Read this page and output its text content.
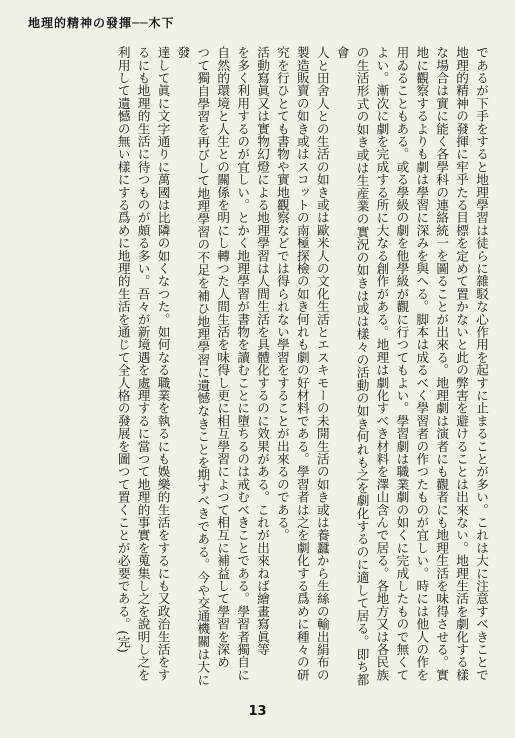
地理的精神の發揮──木下

であるが下手をすると地理學習は徒らに雜駁な心作用を起すに止まることが多い。これは大に注意すべきことで
地理的精神の發揮に牢乎たる目標を定めて置かないと此の弊害を避けることは出來ない。地理生活を劇化する樣
な場合は實に能く各學科の連絡統一を圖ることが出來る。地理劇は演者にも觀者にも地理生活を味得させる。實
地に觀察するよりも劇は學習に深みを與へる。脚本は成るべく學習者の作つたものが宜しい。時には他人の作を
用ゐることもある。或る學級の劇を他學級が觀に行つてもよい。學習劇は職業劇の如くに完成したもので無くて
よい。漸次に劇を完成する所に大なる創作がある。地理は劇化すべき材料を澤山含んで居る。各地方又は各民族
の生活形式の如き或は生産業の實況の如きは或は樣々の活動の如き何れも之を劇化するのに適して居る。即ち都會
人と田舍人との生活の如き或は歐米人の文化生活とエスキモーの未開生活の如き或は養蠶から生絲の輸出絹布の
製造販賣の如き或はスコットの南極探檢の如き何れも劇の好材料である。學習者は之を劇化する爲めに種々の研
究を行ひとても書物や實地觀察などでは得られない學習をすることが出來るのである。

活動寫眞又は實物幻燈による地理學習は人間生活を具體化するのに效果がある。これが出來ねば繪畫寫眞等
を多く利用するのが宜しい。とかく地理學習が書物を讀むことに墮ちるのは戒むべきことである。學習者獨自に
自然的環境と人生との關係を明にし轉つた人間生活を味得し更に相互學習によつて相互に補益して學習を深め
つて獨自學習を再びして地理學習の不足を補ひ地理學習に遺憾なきことを期すべきである。今や交通機關は大に發
達して眞に文字通りに萬國は比隣の如くなつた。如何なる職業を執るにも娛樂的生活をするにも又政治生活をす
るにも地理的生活に待つものが頗る多い。吾々が新境遇を處理するに當つて地理的事實を蒐集し之を說明し之を
利用して遺憾の無い樣にする爲めに地理的生活を通じて全人格の發展を圖つて置くことが必要である。(完)

13
